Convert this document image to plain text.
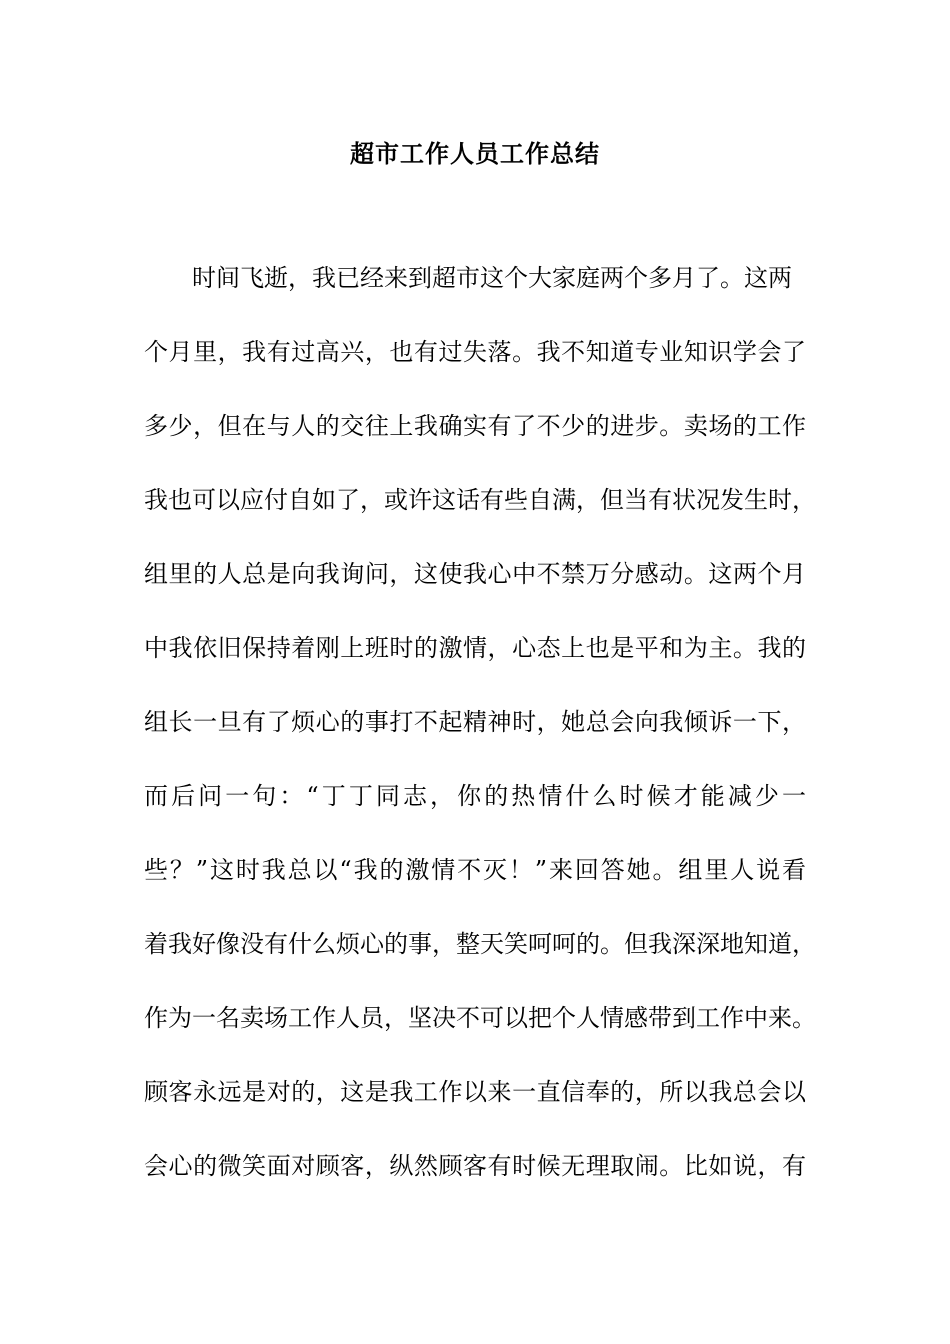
超市工作人员工作总结
时间飞逝，我已经来到超市这个大家庭两个多月了。这两
个月里，我有过高兴，也有过失落。我不知道专业知识学会了
多少，但在与人的交往上我确实有了不少的进步。卖场的工作
我也可以应付自如了，或许这话有些自满，但当有状况发生时，
组里的人总是向我询问，这使我心中不禁万分感动。这两个月
中我依旧保持着刚上班时的激情，心态上也是平和为主。我的
组长一旦有了烦心的事打不起精神时，她总会向我倾诉一下，
而后问一句：“丁丁同志，你的热情什么时候才能减少一
些？”这时我总以“我的激情不灭！”来回答她。组里人说看
着我好像没有什么烦心的事，整天笑呵呵的。但我深深地知道，
作为一名卖场工作人员，坚决不可以把个人情感带到工作中来。
顾客永远是对的，这是我工作以来一直信奉的，所以我总会以
会心的微笑面对顾客，纵然顾客有时候无理取闹。比如说，有
